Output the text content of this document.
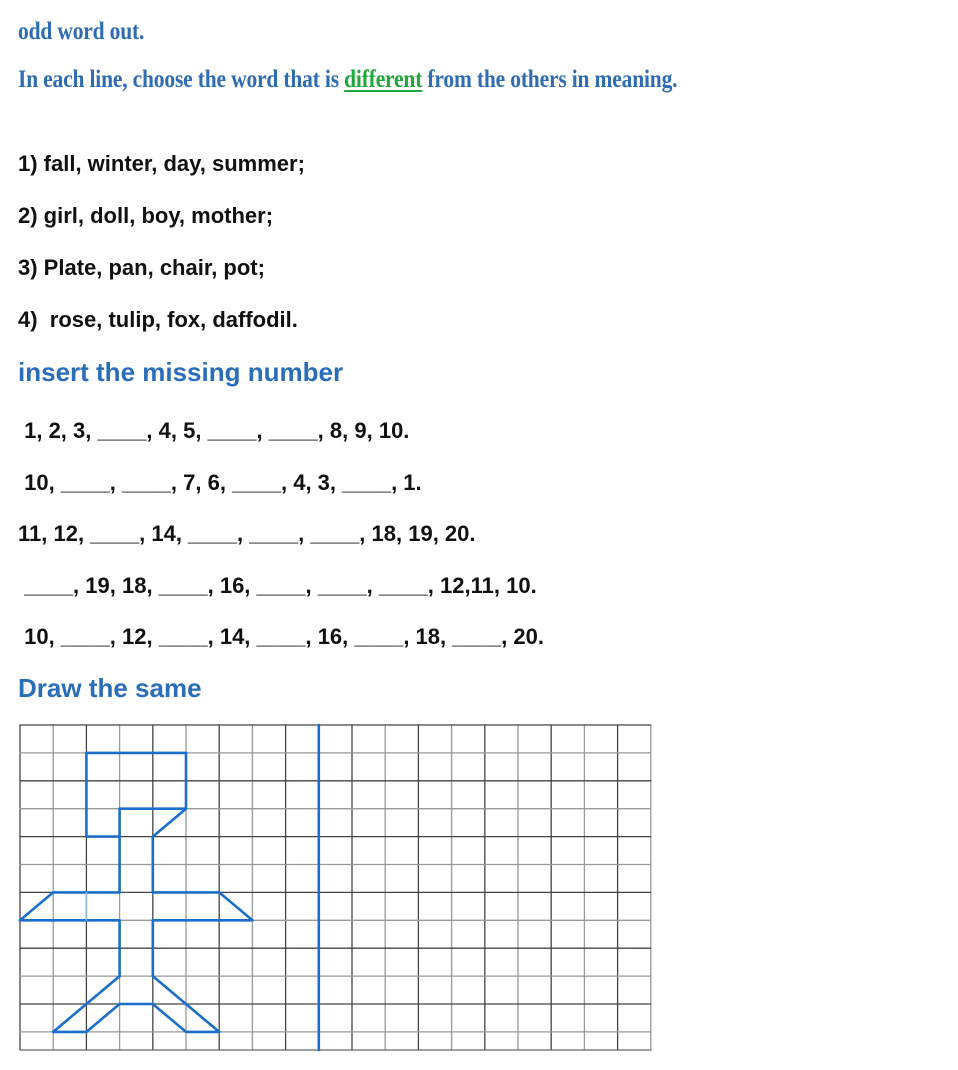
odd word out.
In each line, choose the word that is different from the others in meaning.
1) fall, winter, day, summer;
2) girl, doll, boy, mother;
3) Plate, pan, chair, pot;
4)  rose, tulip, fox, daffodil.
insert the missing number
1, 2, 3, ____, 4, 5, ____, ____, 8, 9, 10.
10, ____, ____, 7, 6, ____, 4, 3, ____, 1.
11, 12, ____, 14, ____, ____, ____, 18, 19, 20.
____, 19, 18, ____, 16, ____, ____, ____, 12,11, 10.
10, ____, 12, ____, 14, ____, 16, ____, 18, ____, 20.
Draw the same
